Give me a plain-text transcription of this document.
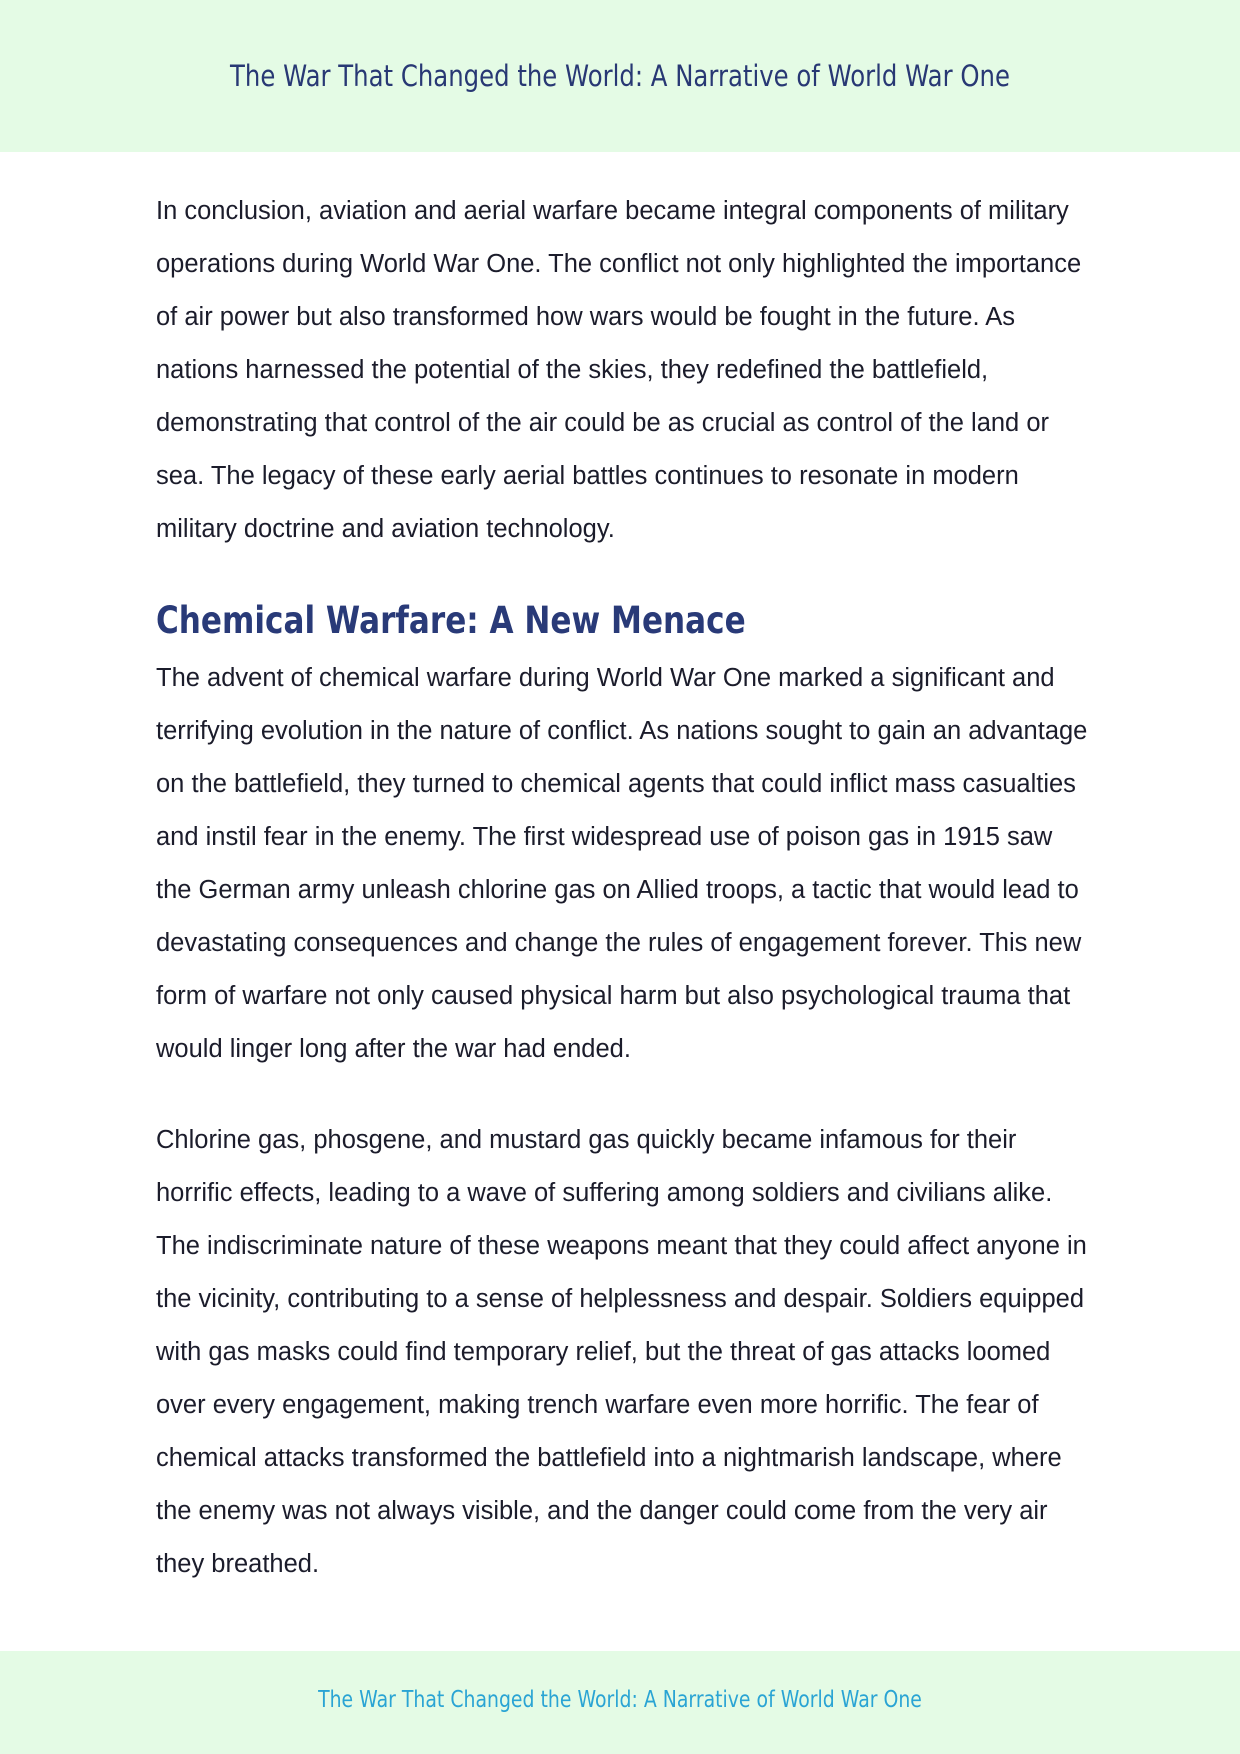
The War That Changed the World: A Narrative of World War One

In conclusion, aviation and aerial warfare became integral components of military operations during World War One. The conflict not only highlighted the importance of air power but also transformed how wars would be fought in the future. As nations harnessed the potential of the skies, they redefined the battlefield, demonstrating that control of the air could be as crucial as control of the land or sea. The legacy of these early aerial battles continues to resonate in modern military doctrine and aviation technology.

Chemical Warfare: A New Menace

The advent of chemical warfare during World War One marked a significant and terrifying evolution in the nature of conflict. As nations sought to gain an advantage on the battlefield, they turned to chemical agents that could inflict mass casualties and instil fear in the enemy. The first widespread use of poison gas in 1915 saw the German army unleash chlorine gas on Allied troops, a tactic that would lead to devastating consequences and change the rules of engagement forever. This new form of warfare not only caused physical harm but also psychological trauma that would linger long after the war had ended.

Chlorine gas, phosgene, and mustard gas quickly became infamous for their horrific effects, leading to a wave of suffering among soldiers and civilians alike. The indiscriminate nature of these weapons meant that they could affect anyone in the vicinity, contributing to a sense of helplessness and despair. Soldiers equipped with gas masks could find temporary relief, but the threat of gas attacks loomed over every engagement, making trench warfare even more horrific. The fear of chemical attacks transformed the battlefield into a nightmarish landscape, where the enemy was not always visible, and the danger could come from the very air they breathed.

The War That Changed the World: A Narrative of World War One
